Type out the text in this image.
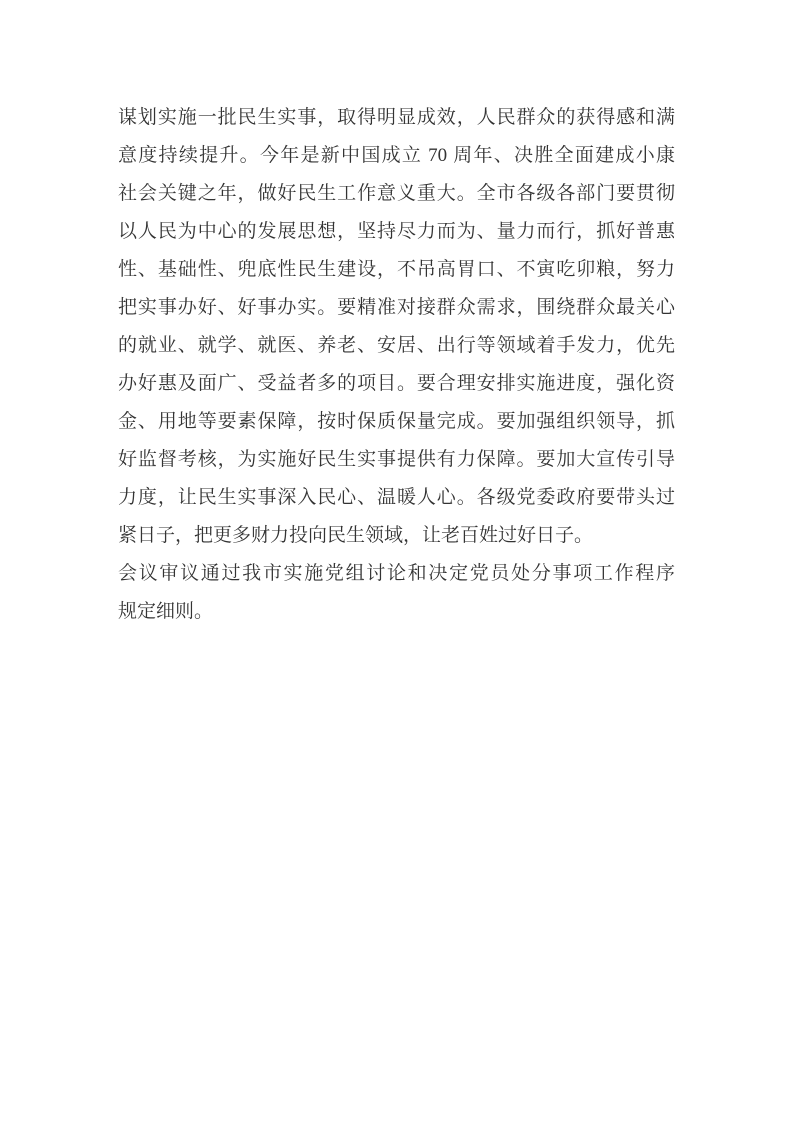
谋划实施一批民生实事，取得明显成效，人民群众的获得感和满
意度持续提升。今年是新中国成立 70 周年、决胜全面建成小康
社会关键之年，做好民生工作意义重大。全市各级各部门要贯彻
以人民为中心的发展思想，坚持尽力而为、量力而行，抓好普惠
性、基础性、兜底性民生建设，不吊高胃口、不寅吃卯粮，努力
把实事办好、好事办实。要精准对接群众需求，围绕群众最关心
的就业、就学、就医、养老、安居、出行等领域着手发力，优先
办好惠及面广、受益者多的项目。要合理安排实施进度，强化资
金、用地等要素保障，按时保质保量完成。要加强组织领导，抓
好监督考核，为实施好民生实事提供有力保障。要加大宣传引导
力度，让民生实事深入民心、温暖人心。各级党委政府要带头过
紧日子，把更多财力投向民生领域，让老百姓过好日子。
会议审议通过我市实施党组讨论和决定党员处分事项工作程序
规定细则。
